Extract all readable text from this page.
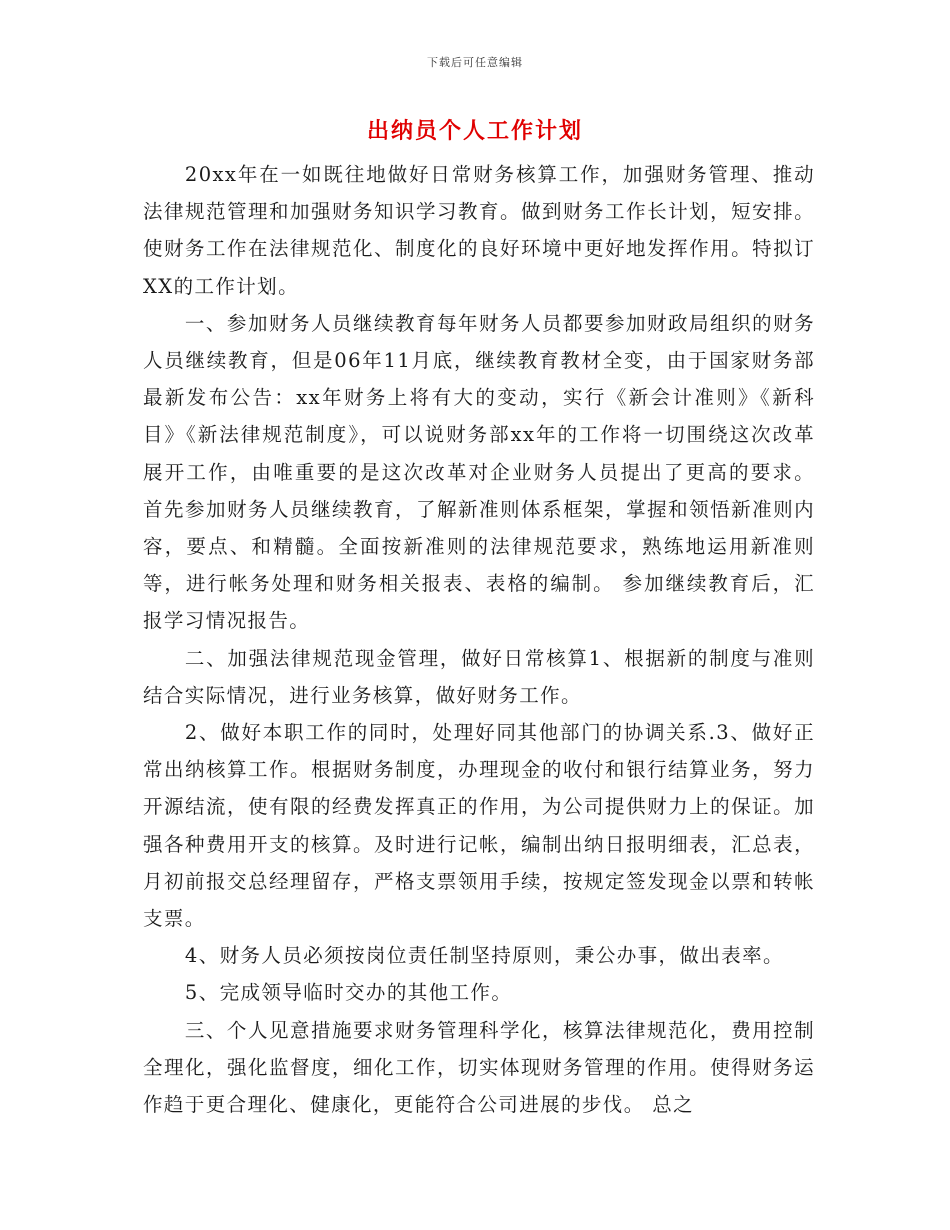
下载后可任意编辑
出纳员个人工作计划

20xx年在一如既往地做好日常财务核算工作，加强财务管理、推动法律规范管理和加强财务知识学习教育。做到财务工作长计划，短安排。使财务工作在法律规范化、制度化的良好环境中更好地发挥作用。特拟订XX的工作计划。

一、参加财务人员继续教育每年财务人员都要参加财政局组织的财务人员继续教育，但是06年11月底，继续教育教材全变，由于国家财务部最新发布公告：xx年财务上将有大的变动，实行《新会计准则》《新科目》《新法律规范制度》，可以说财务部xx年的工作将一切围绕这次改革展开工作，由唯重要的是这次改革对企业财务人员提出了更高的要求。 首先参加财务人员继续教育，了解新准则体系框架，掌握和领悟新准则内容，要点、和精髓。全面按新准则的法律规范要求，熟练地运用新准则等，进行帐务处理和财务相关报表、表格的编制。 参加继续教育后，汇报学习情况报告。

二、加强法律规范现金管理，做好日常核算1、根据新的制度与准则结合实际情况，进行业务核算，做好财务工作。

2、做好本职工作的同时，处理好同其他部门的协调关系.3、做好正常出纳核算工作。根据财务制度，办理现金的收付和银行结算业务，努力开源结流，使有限的经费发挥真正的作用，为公司提供财力上的保证。加强各种费用开支的核算。及时进行记帐，编制出纳日报明细表，汇总表，月初前报交总经理留存，严格支票领用手续，按规定签发现金以票和转帐支票。

4、财务人员必须按岗位责任制坚持原则，秉公办事，做出表率。

5、完成领导临时交办的其他工作。

三、个人见意措施要求财务管理科学化，核算法律规范化，费用控制全理化，强化监督度，细化工作，切实体现财务管理的作用。使得财务运作趋于更合理化、健康化，更能符合公司进展的步伐。 总之
